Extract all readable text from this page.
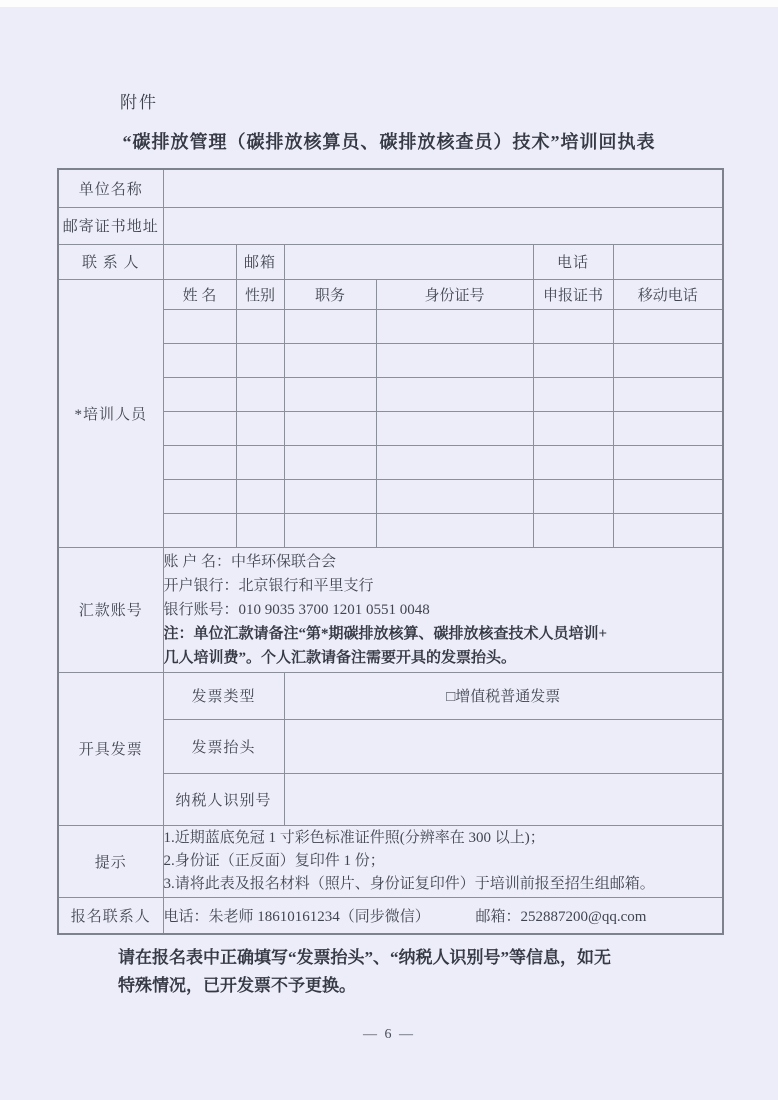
附件
“碳排放管理（碳排放核算员、碳排放核查员）技术”培训回执表
单位名称						
邮寄证书地址						
联 系 人		邮箱			电话	
*培训人员	姓 名	性别	职务	身份证号	申报证书	移动电话

汇款账号	账 户 名：中华环保联合会
开户银行：北京银行和平里支行
银行账号：010 9035 3700 1201 0551 0048
注：单位汇款请备注“第*期碳排放核算、碳排放核查技术人员培训+
几人培训费”。个人汇款请备注需要开具的发票抬头。					

开具发票	发票类型		□增值税普通发票			
	发票抬头					
	纳税人识别号					
提示	1.近期蓝底免冠 1 寸彩色标准证件照(分辨率在 300 以上)；
2.身份证（正反面）复印件 1 份；
3.请将此表及报名材料（照片、身份证复印件）于培训前报至招生组邮箱。					

报名联系人	电话：朱老师 18610161234（同步微信） 邮箱：252887200@qq.com					
请在报名表中正确填写“发票抬头”、“纳税人识别号”等信息，如无
特殊情况，已开发票不予更换。
— 6 —
